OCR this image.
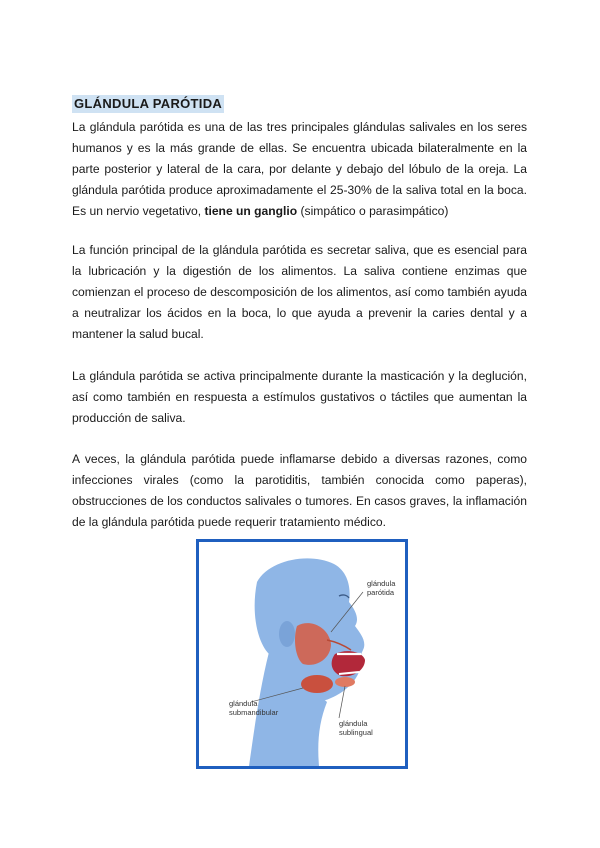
GLÁNDULA PARÓTIDA
La glándula parótida es una de las tres principales glándulas salivales en los seres humanos y es la más grande de ellas. Se encuentra ubicada bilateralmente en la parte posterior y lateral de la cara, por delante y debajo del lóbulo de la oreja. La glándula parótida produce aproximadamente el 25-30% de la saliva total en la boca. Es un nervio vegetativo, tiene un ganglio (simpático o parasimpático)
La función principal de la glándula parótida es secretar saliva, que es esencial para la lubricación y la digestión de los alimentos. La saliva contiene enzimas que comienzan el proceso de descomposición de los alimentos, así como también ayuda a neutralizar los ácidos en la boca, lo que ayuda a prevenir la caries dental y a mantener la salud bucal.
La glándula parótida se activa principalmente durante la masticación y la deglución, así como también en respuesta a estímulos gustativos o táctiles que aumentan la producción de saliva.
A veces, la glándula parótida puede inflamarse debido a diversas razones, como infecciones virales (como la parotiditis, también conocida como paperas), obstrucciones de los conductos salivales o tumores. En casos graves, la inflamación de la glándula parótida puede requerir tratamiento médico.
glándula
parótida
glándula
submandibular
glándula
sublingual
